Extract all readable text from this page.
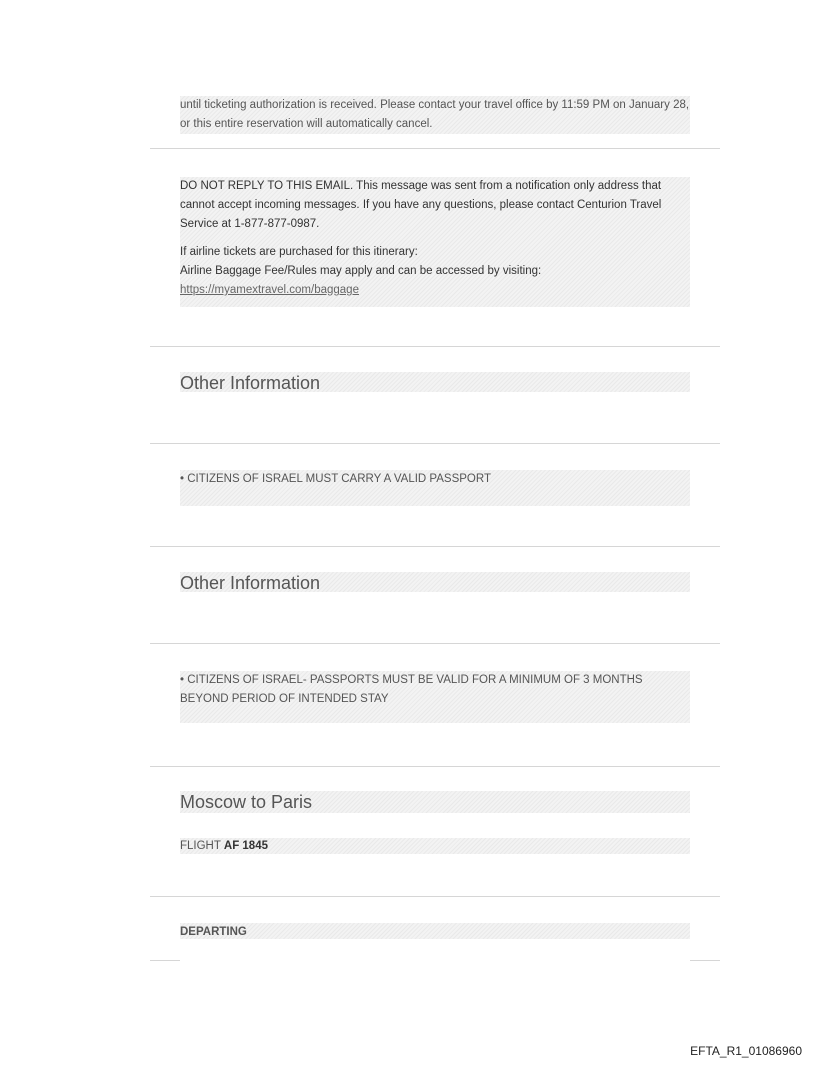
until ticketing authorization is received. Please contact your travel office by 11:59 PM on January 28, or this entire reservation will automatically cancel.

DO NOT REPLY TO THIS EMAIL. This message was sent from a notification only address that cannot accept incoming messages. If you have any questions, please contact Centurion Travel Service at 1-877-877-0987.

If airline tickets are purchased for this itinerary:

Airline Baggage Fee/Rules may apply and can be accessed by visiting:

https://myamextravel.com/baggage

Other Information

• CITIZENS OF ISRAEL MUST CARRY A VALID PASSPORT

Other Information

• CITIZENS OF ISRAEL- PASSPORTS MUST BE VALID FOR A MINIMUM OF 3 MONTHS BEYOND PERIOD OF INTENDED STAY

Moscow to Paris
FLIGHT AF 1845
DEPARTING
EFTA_R1_01086960
